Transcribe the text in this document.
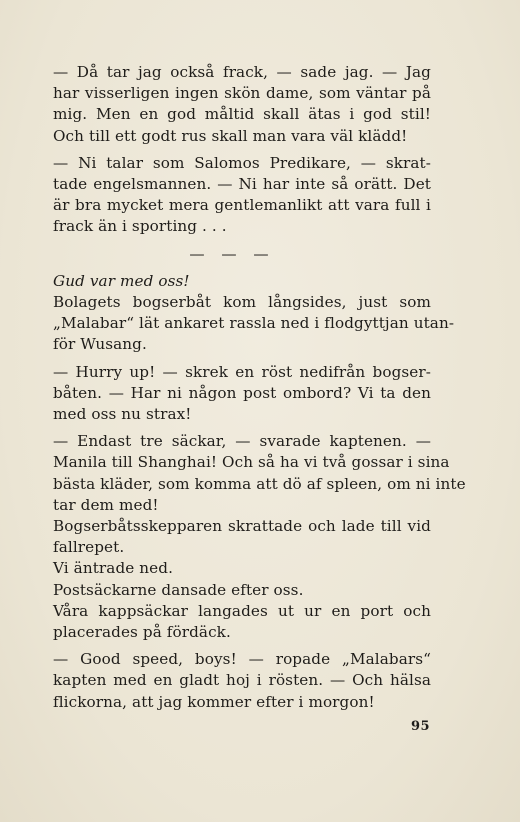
— Då tar jag också frack, — sade jag. — Jag
har visserligen ingen skön dame, som väntar på
mig. Men en god måltid skall ätas i god stil!
Och till ett godt rus skall man vara väl klädd!

— Ni talar som Salomos Predikare, — skrat-
tade engelsmannen. — Ni har inte så orätt. Det
är bra mycket mera gentlemanlikt att vara full i
frack än i sporting . . .

— — —

Gud var med oss!

Bolagets bogserbåt kom långsides, just som
„Malabar“ lät ankaret rassla ned i flodgyttjan utan-
för Wusang.

— Hurry up! — skrek en röst nedifrån bogser-
båten. — Har ni någon post ombord? Vi ta den
med oss nu strax!

— Endast tre säckar, — svarade kaptenen. —
Manila till Shanghai! Och så ha vi två gossar i sina
bästa kläder, som komma att dö af spleen, om ni inte
tar dem med!

Bogserbåtsskepparen skrattade och lade till vid
fallrepet.

Vi äntrade ned.

Postsäckarne dansade efter oss.

Våra kappsäckar langades ut ur en port och
placerades på fördäck.

— Good speed, boys! — ropade „Malabars“
kapten med en gladt hoj i rösten. — Och hälsa
flickorna, att jag kommer efter i morgon!

95
